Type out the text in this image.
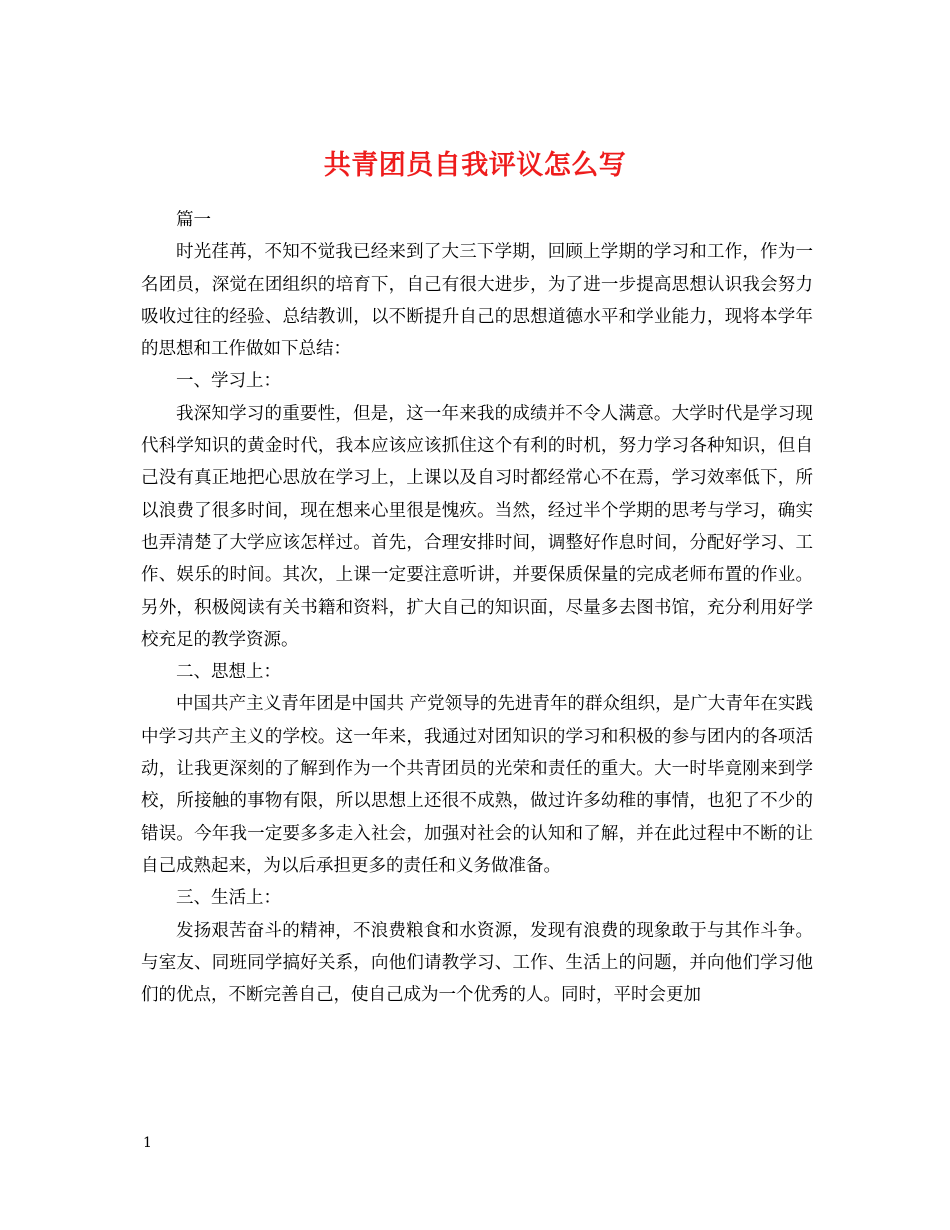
共青团员自我评议怎么写

篇一

时光荏苒，不知不觉我已经来到了大三下学期，回顾上学期的学习和工作，作为一名团员，深觉在团组织的培育下，自己有很大进步，为了进一步提高思想认识我会努力吸收过往的经验、总结教训，以不断提升自己的思想道德水平和学业能力，现将本学年的思想和工作做如下总结：

一、学习上：

我深知学习的重要性，但是，这一年来我的成绩并不令人满意。大学时代是学习现代科学知识的黄金时代，我本应该应该抓住这个有利的时机，努力学习各种知识，但自己没有真正地把心思放在学习上，上课以及自习时都经常心不在焉，学习效率低下，所以浪费了很多时间，现在想来心里很是愧疚。当然，经过半个学期的思考与学习，确实也弄清楚了大学应该怎样过。首先，合理安排时间，调整好作息时间，分配好学习、工作、娱乐的时间。其次，上课一定要注意听讲，并要保质保量的完成老师布置的作业。另外，积极阅读有关书籍和资料，扩大自己的知识面，尽量多去图书馆，充分利用好学校充足的教学资源。

二、思想上：

中国共产主义青年团是中国共 产党领导的先进青年的群众组织，是广大青年在实践中学习共产主义的学校。这一年来，我通过对团知识的学习和积极的参与团内的各项活动，让我更深刻的了解到作为一个共青团员的光荣和责任的重大。大一时毕竟刚来到学校，所接触的事物有限，所以思想上还很不成熟，做过许多幼稚的事情，也犯了不少的错误。今年我一定要多多走入社会，加强对社会的认知和了解，并在此过程中不断的让自己成熟起来，为以后承担更多的责任和义务做准备。

三、生活上：

发扬艰苦奋斗的精神，不浪费粮食和水资源，发现有浪费的现象敢于与其作斗争。与室友、同班同学搞好关系，向他们请教学习、工作、生活上的问题，并向他们学习他们的优点，不断完善自己，使自己成为一个优秀的人。同时，平时会更加

1
